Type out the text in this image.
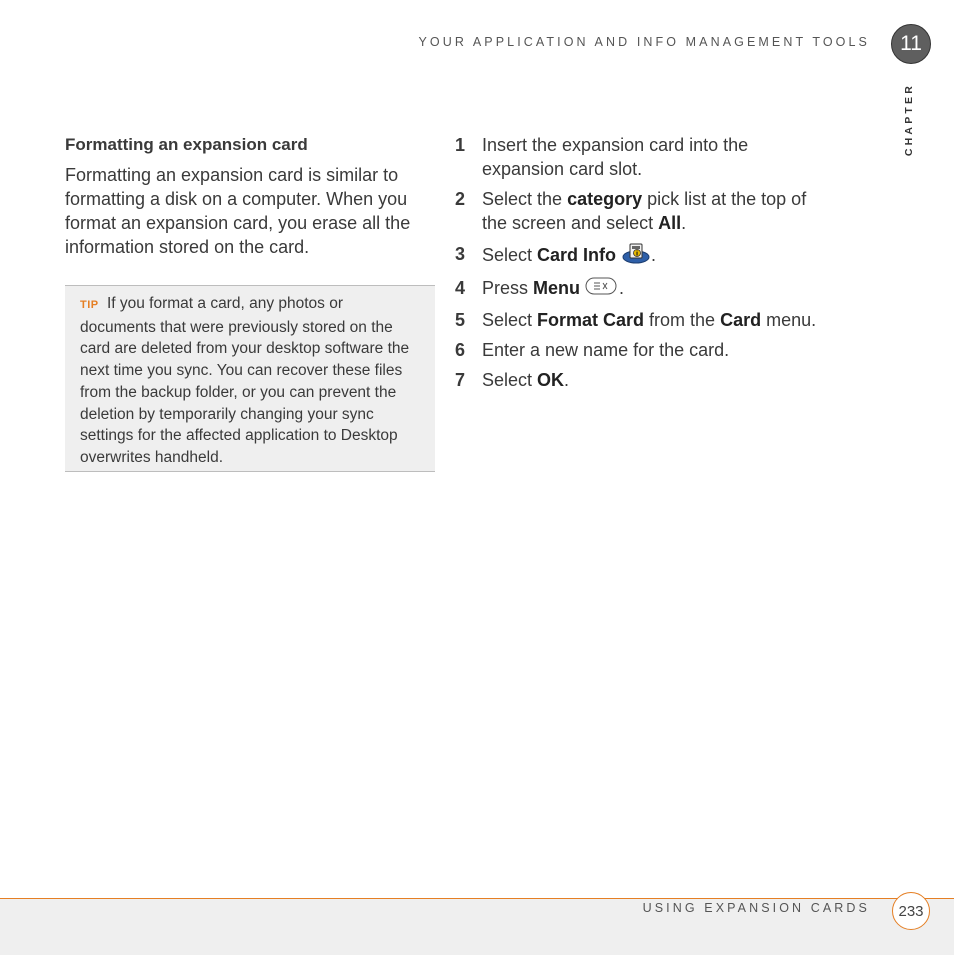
YOUR APPLICATION AND INFO MANAGEMENT TOOLS	11
CHAPTER
Formatting an expansion card

Formatting an expansion card is similar to formatting a disk on a computer. When you format an expansion card, you erase all the information stored on the card.

TIP If you format a card, any photos or documents that were previously stored on the card are deleted from your desktop software the next time you sync. You can recover these files from the backup folder, or you can prevent the deletion by temporarily changing your sync settings for the affected application to Desktop overwrites handheld.
1 Insert the expansion card into the expansion card slot.
2 Select the category pick list at the top of the screen and select All.
3 Select Card Info	i .
4 Press Menu .
5 Select Format Card from the Card menu.
6 Enter a new name for the card.
7 Select OK.
USING EXPANSION CARDS	233
